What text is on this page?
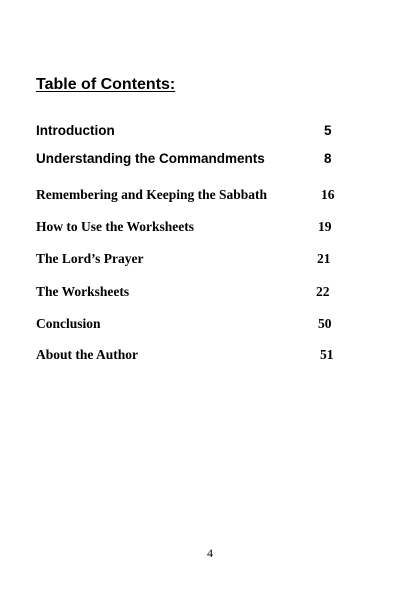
Table of Contents:
Introduction	5
Understanding the Commandments	8
Remembering and Keeping the Sabbath	16
How to Use the Worksheets	19
The Lord’s Prayer	21
The Worksheets	22
Conclusion	50
About the Author	51
4
